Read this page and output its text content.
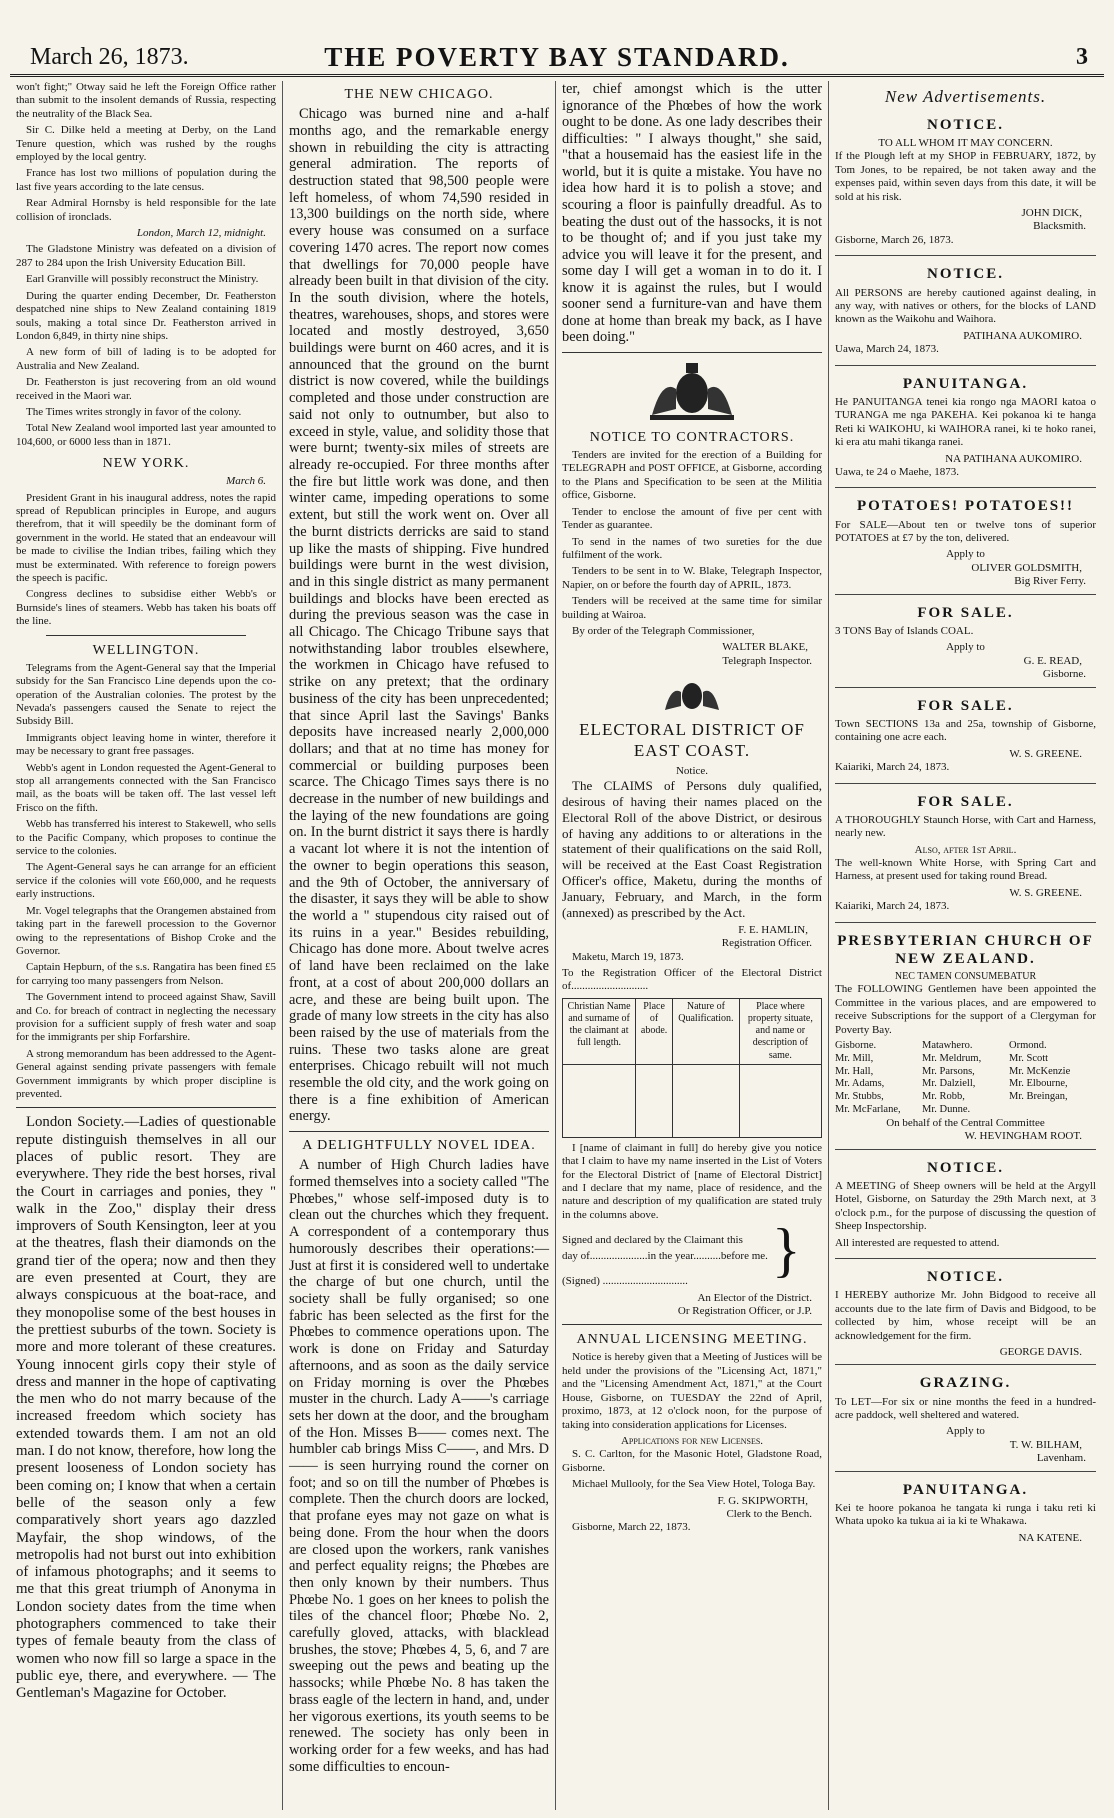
March 26, 1873.	THE POVERTY BAY STANDARD.	3

won't fight;" Otway said he left the Foreign Office rather than submit to the insolent demands of Russia, respecting the neutrality of the Black Sea.

Sir C. Dilke held a meeting at Derby, on the Land Tenure question, which was rushed by the roughs employed by the local gentry.

France has lost two millions of population during the last five years according to the late census.

Rear Admiral Hornsby is held responsible for the late collision of ironclads.

London, March 12, midnight.

The Gladstone Ministry was defeated on a division of 287 to 284 upon the Irish University Education Bill.

Earl Granville will possibly reconstruct the Ministry.

During the quarter ending December, Dr. Featherston despatched nine ships to New Zealand containing 1819 souls, making a total since Dr. Featherston arrived in London 6,849, in thirty nine ships.

A new form of bill of lading is to be adopted for Australia and New Zealand.

Dr. Featherston is just recovering from an old wound received in the Maori war.

The Times writes strongly in favor of the colony.

Total New Zealand wool imported last year amounted to 104,600, or 6000 less than in 1871.

NEW YORK.
March 6.

President Grant in his inaugural address, notes the rapid spread of Republican principles in Europe, and augurs therefrom, that it will speedily be the dominant form of government in the world. He stated that an endeavour will be made to civilise the Indian tribes, failing which they must be exterminated. With reference to foreign powers the speech is pacific.

Congress declines to subsidise either Webb's or Burnside's lines of steamers. Webb has taken his boats off the line.

WELLINGTON.

Telegrams from the Agent-General say that the Imperial subsidy for the San Francisco Line depends upon the co-operation of the Australian colonies. The protest by the Nevada's passengers caused the Senate to reject the Subsidy Bill.

Immigrants object leaving home in winter, therefore it may be necessary to grant free passages.

Webb's agent in London requested the Agent-General to stop all arrangements connected with the San Francisco mail, as the boats will be taken off. The last vessel left Frisco on the fifth.

Webb has transferred his interest to Stakewell, who sells to the Pacific Company, which proposes to continue the service to the colonies.

The Agent-General says he can arrange for an efficient service if the colonies will vote £60,000, and he requests early instructions.

Mr. Vogel telegraphs that the Orangemen abstained from taking part in the farewell procession to the Governor owing to the representations of Bishop Croke and the Governor.

Captain Hepburn, of the s.s. Rangatira has been fined £5 for carrying too many passengers from Nelson.

The Government intend to proceed against Shaw, Savill and Co. for breach of contract in neglecting the necessary provision for a sufficient supply of fresh water and soap for the immigrants per ship Forfarshire.

A strong memorandum has been addressed to the Agent-General against sending private passengers with female Government immigrants by which proper discipline is prevented.

London Society.—Ladies of questionable repute distinguish themselves in all our places of public resort. They are everywhere. They ride the best horses, rival the Court in carriages and ponies, they " walk in the Zoo," display their dress improvers of South Kensington, leer at you at the theatres, flash their diamonds on the grand tier of the opera; now and then they are even presented at Court, they are always conspicuous at the boat-race, and they monopolise some of the best houses in the prettiest suburbs of the town. Society is more and more tolerant of these creatures. Young innocent girls copy their style of dress and manner in the hope of captivating the men who do not marry because of the increased freedom which society has extended towards them. I am not an old man. I do not know, therefore, how long the present looseness of London society has been coming on; I know that when a certain belle of the season only a few comparatively short years ago dazzled Mayfair, the shop windows, of the metropolis had not burst out into exhibition of infamous photographs; and it seems to me that this great triumph of Anonyma in London society dates from the time when photographers commenced to take their types of female beauty from the class of women who now fill so large a space in the public eye, there, and everywhere. — The Gentleman's Magazine for October.

THE NEW CHICAGO.

Chicago was burned nine and a-half months ago, and the remarkable energy shown in rebuilding the city is attracting general admiration. The reports of destruction stated that 98,500 people were left homeless, of whom 74,590 resided in 13,300 buildings on the north side, where every house was consumed on a surface covering 1470 acres. The report now comes that dwellings for 70,000 people have already been built in that division of the city. In the south division, where the hotels, theatres, warehouses, shops, and stores were located and mostly destroyed, 3,650 buildings were burnt on 460 acres, and it is announced that the ground on the burnt district is now covered, while the buildings completed and those under construction are said not only to outnumber, but also to exceed in style, value, and solidity those that were burnt; twenty-six miles of streets are already re-occupied. For three months after the fire but little work was done, and then winter came, impeding operations to some extent, but still the work went on. Over all the burnt districts derricks are said to stand up like the masts of shipping. Five hundred buildings were burnt in the west division, and in this single district as many permanent buildings and blocks have been erected as during the previous season was the case in all Chicago. The Chicago Tribune says that notwithstanding labor troubles elsewhere, the workmen in Chicago have refused to strike on any pretext; that the ordinary business of the city has been unprecedented; that since April last the Savings' Banks deposits have increased nearly 2,000,000 dollars; and that at no time has money for commercial or building purposes been scarce. The Chicago Times says there is no decrease in the number of new buildings and the laying of the new foundations are going on. In the burnt district it says there is hardly a vacant lot where it is not the intention of the owner to begin operations this season, and the 9th of October, the anniversary of the disaster, it says they will be able to show the world a " stupendous city raised out of its ruins in a year." Besides rebuilding, Chicago has done more. About twelve acres of land have been reclaimed on the lake front, at a cost of about 200,000 dollars an acre, and these are being built upon. The grade of many low streets in the city has also been raised by the use of materials from the ruins. These two tasks alone are great enterprises. Chicago rebuilt will not much resemble the old city, and the work going on there is a fine exhibition of American energy.

A DELIGHTFULLY NOVEL IDEA.

A number of High Church ladies have formed themselves into a society called "The Phœbes," whose self-imposed duty is to clean out the churches which they frequent. A correspondent of a contemporary thus humorously describes their operations:—Just at first it is considered well to undertake the charge of but one church, until the society shall be fully organised; so one fabric has been selected as the first for the Phœbes to commence operations upon. The work is done on Friday and Saturday afternoons, and as soon as the daily service on Friday morning is over the Phœbes muster in the church. Lady A——'s carriage sets her down at the door, and the brougham of the Hon. Misses B—— comes next. The humbler cab brings Miss C——, and Mrs. D—— is seen hurrying round the corner on foot; and so on till the number of Phœbes is complete. Then the church doors are locked, that profane eyes may not gaze on what is being done. From the hour when the doors are closed upon the workers, rank vanishes and perfect equality reigns; the Phœbes are then only known by their numbers. Thus Phœbe No. 1 goes on her knees to polish the tiles of the chancel floor; Phœbe No. 2, carefully gloved, attacks, with blacklead brushes, the stove; Phœbes 4, 5, 6, and 7 are sweeping out the pews and beating up the hassocks; while Phœbe No. 8 has taken the brass eagle of the lectern in hand, and, under her vigorous exertions, its youth seems to be renewed. The society has only been in working order for a few weeks, and has had some difficulties to encoun-

ter, chief amongst which is the utter ignorance of the Phœbes of how the work ought to be done. As one lady describes their difficulties: " I always thought," she said, "that a housemaid has the easiest life in the world, but it is quite a mistake. You have no idea how hard it is to polish a stove; and scouring a floor is painfully dreadful. As to beating the dust out of the hassocks, it is not to be thought of; and if you just take my advice you will leave it for the present, and some day I will get a woman in to do it. I know it is against the rules, but I would sooner send a furniture-van and have them done at home than break my back, as I have been doing."

NOTICE TO CONTRACTORS.

Tenders are invited for the erection of a Building for TELEGRAPH and POST OFFICE, at Gisborne, according to the Plans and Specification to be seen at the Militia office, Gisborne.

Tender to enclose the amount of five per cent with Tender as guarantee.

To send in the names of two sureties for the due fulfilment of the work.

Tenders to be sent in to W. Blake, Telegraph Inspector, Napier, on or before the fourth day of APRIL, 1873.

Tenders will be received at the same time for similar building at Wairoa.

By order of the Telegraph Commissioner,

WALTER BLAKE,
Telegraph Inspector.
ELECTORAL DISTRICT OF EAST COAST.
Notice.

The CLAIMS of Persons duly qualified, desirous of having their names placed on the Electoral Roll of the above District, or desirous of having any additions to or alterations in the statement of their qualifications on the said Roll, will be received at the East Coast Registration Officer's office, Maketu, during the months of January, February, and March, in the form (annexed) as prescribed by the Act.

F. E. HAMLIN,
Registration Officer.

Maketu, March 19, 1873.

To the Registration Officer of the Electoral District of............................

Christian Name and surname of the claimant at full length.	Place of abode.	Nature of Qualification.	Place where property situate, and name or description of same.

I [name of claimant in full] do hereby give you notice that I claim to have my name inserted in the List of Voters for the Electoral District of [name of Electoral District] and I declare that my name, place of residence, and the nature and description of my qualification are stated truly in the columns above.

Signed and declared by the Claimant this

day of.....................in the year..........before me. }

(Signed) ...............................

An Elector of the District.
Or Registration Officer, or J.P.
ANNUAL LICENSING MEETING.

Notice is hereby given that a Meeting of Justices will be held under the provisions of the "Licensing Act, 1871," and the "Licensing Amendment Act, 1871," at the Court House, Gisborne, on TUESDAY the 22nd of April, proximo, 1873, at 12 o'clock noon, for the purpose of taking into consideration applications for Licenses.

Applications for new Licenses.

S. C. Carlton, for the Masonic Hotel, Gladstone Road, Gisborne.

Michael Mullooly, for the Sea View Hotel, Tologa Bay.

F. G. SKIPWORTH,
Clerk to the Bench.

Gisborne, March 22, 1873.

New Advertisements.
NOTICE.
TO ALL WHOM IT MAY CONCERN.

If the Plough left at my SHOP in FEBRUARY, 1872, by Tom Jones, to be repaired, be not taken away and the expenses paid, within seven days from this date, it will be sold at his risk.

JOHN DICK,
Blacksmith.

Gisborne, March 26, 1873.

NOTICE.

All PERSONS are hereby cautioned against dealing, in any way, with natives or others, for the blocks of LAND known as the Waikohu and Waihora.

PATIHANA AUKOMIRO.

Uawa, March 24, 1873.

PANUITANGA.

He PANUITANGA tenei kia rongo nga MAORI katoa o TURANGA me nga PAKEHA. Kei pokanoa ki te hanga Reti ki WAIKOHU, ki WAIHORA ranei, ki te hoko ranei, ki era atu mahi tikanga ranei.

NA PATIHANA AUKOMIRO.

Uawa, te 24 o Maehe, 1873.

POTATOES! POTATOES!!

For SALE—About ten or twelve tons of superior POTATOES at £7 by the ton, delivered.

Apply to
OLIVER GOLDSMITH,
Big River Ferry.
FOR SALE.

3 TONS Bay of Islands COAL.

Apply to
G. E. READ,
Gisborne.
FOR SALE.

Town SECTIONS 13a and 25a, township of Gisborne, containing one acre each.

W. S. GREENE.

Kaiariki, March 24, 1873.

FOR SALE.

A THOROUGHLY Staunch Horse, with Cart and Harness, nearly new.

Also, after 1st April.

The well-known White Horse, with Spring Cart and Harness, at present used for taking round Bread.

W. S. GREENE.

Kaiariki, March 24, 1873.

PRESBYTERIAN CHURCH OF NEW ZEALAND.
NEC TAMEN CONSUMEBATUR

The FOLLOWING Gentlemen have been appointed the Committee in the various places, and are empowered to receive Subscriptions for the support of a Clergyman for Poverty Bay.

Gisborne.	Matawhero.	Ormond.
Mr. Mill,	Mr. Meldrum,	Mr. Scott
Mr. Hall,	Mr. Parsons,	Mr. McKenzie
Mr. Adams,	Mr. Dalziell,	Mr. Elbourne,
Mr. Stubbs,	Mr. Robb,	Mr. Breingan,
Mr. McFarlane,	Mr. Dunne.
On behalf of the Central Committee
W. HEVINGHAM ROOT.
NOTICE.

A MEETING of Sheep owners will be held at the Argyll Hotel, Gisborne, on Saturday the 29th March next, at 3 o'clock p.m., for the purpose of discussing the question of Sheep Inspectorship.

All interested are requested to attend.

NOTICE.

I HEREBY authorize Mr. John Bidgood to receive all accounts due to the late firm of Davis and Bidgood, to be collected by him, whose receipt will be an acknowledgement for the firm.

GEORGE DAVIS.
GRAZING.

To LET—For six or nine months the feed in a hundred-acre paddock, well sheltered and watered.

Apply to
T. W. BILHAM,
Lavenham.
PANUITANGA.

Kei te hoore pokanoa he tangata ki runga i taku reti ki Whata upoko ka tukua ai ia ki te Whakawa.

NA KATENE.
